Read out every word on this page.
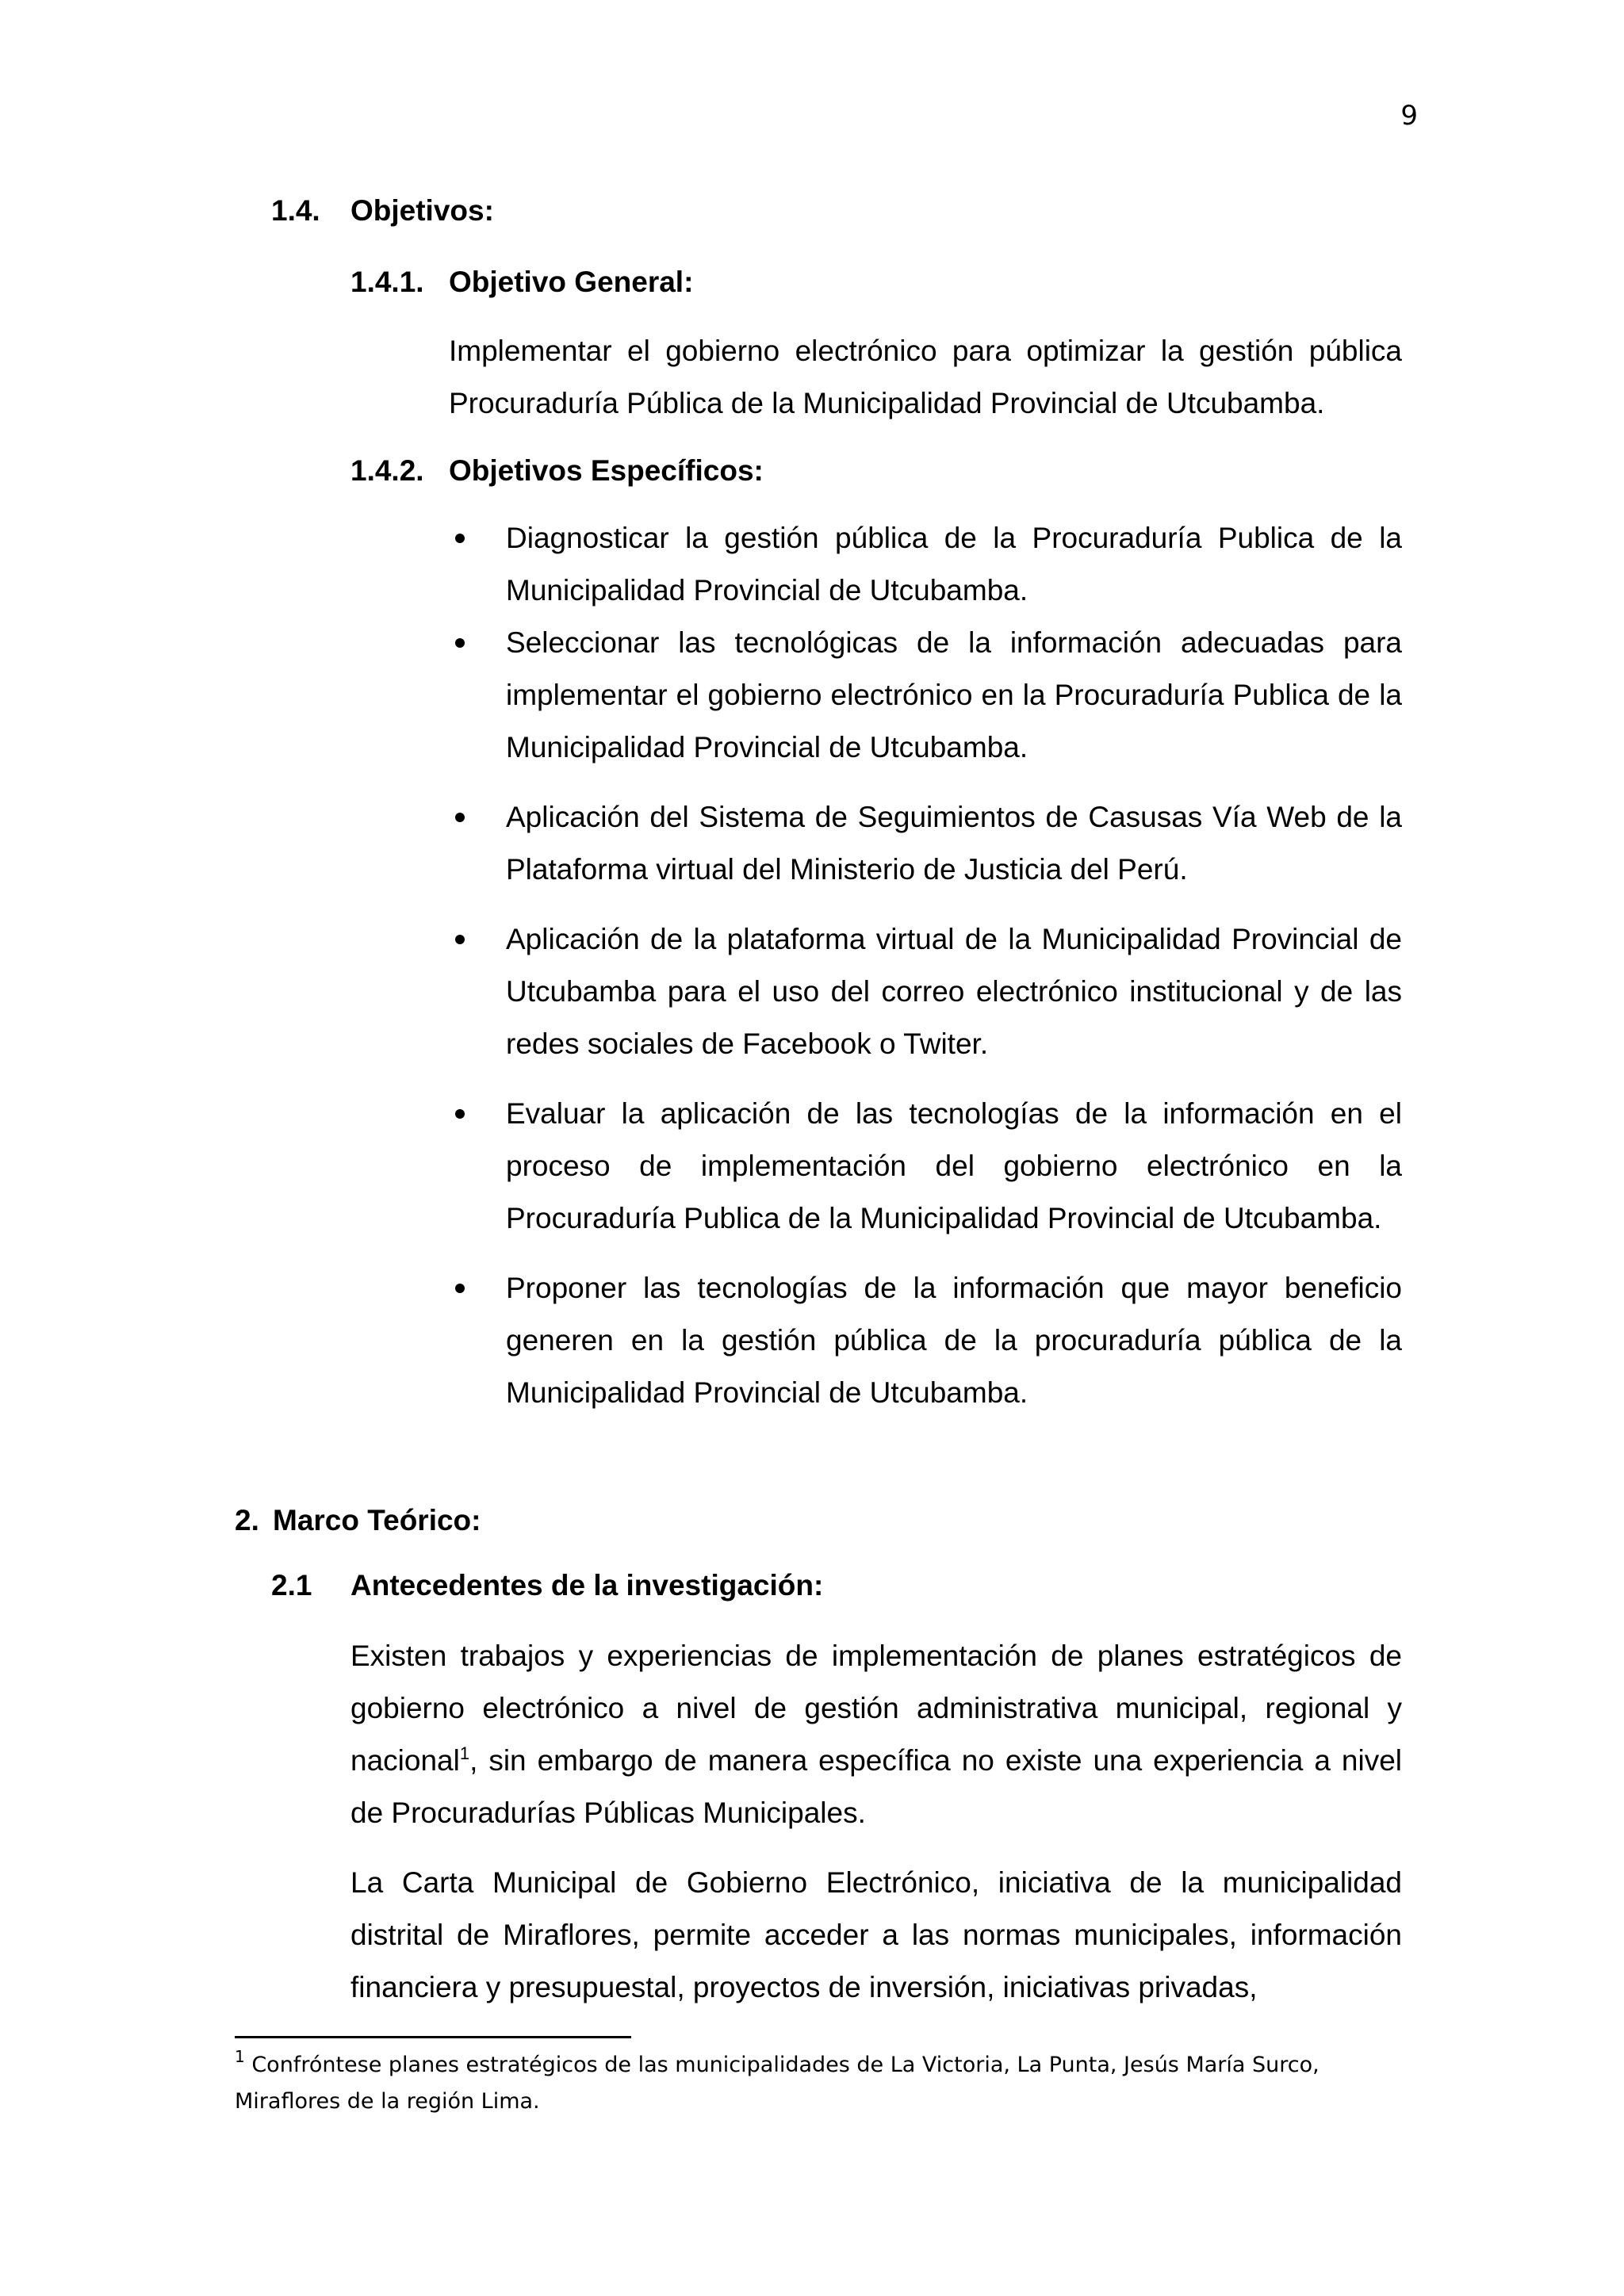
9
1.4. Objetivos:
1.4.1. Objetivo General:
Implementar el gobierno electrónico para optimizar la gestión pública Procuraduría Pública de la Municipalidad Provincial de Utcubamba.
1.4.2. Objetivos Específicos:
Diagnosticar la gestión pública de la Procuraduría Publica de la Municipalidad Provincial de Utcubamba.
Seleccionar las tecnológicas de la información adecuadas para implementar el gobierno electrónico en la Procuraduría Publica de la Municipalidad Provincial de Utcubamba.
Aplicación del Sistema de Seguimientos de Casusas Vía Web de la Plataforma virtual del Ministerio de Justicia del Perú.
Aplicación de la plataforma virtual de la Municipalidad Provincial de Utcubamba para el uso del correo electrónico institucional y de las redes sociales de Facebook o Twiter.
Evaluar la aplicación de las tecnologías de la información en el proceso de implementación del gobierno electrónico en la Procuraduría Publica de la Municipalidad Provincial de Utcubamba.
Proponer las tecnologías de la información que mayor beneficio generen en la gestión pública de la procuraduría pública de la Municipalidad Provincial de Utcubamba.
2. Marco Teórico:
2.1 Antecedentes de la investigación:
Existen trabajos y experiencias de implementación de planes estratégicos de gobierno electrónico a nivel de gestión administrativa municipal, regional y nacional$^1$, sin embargo de manera específica no existe una experiencia a nivel de Procuradurías Públicas Municipales.
La Carta Municipal de Gobierno Electrónico, iniciativa de la municipalidad distrital de Miraflores, permite acceder a las normas municipales, información financiera y presupuestal, proyectos de inversión, iniciativas privadas,
$^1$ Confróntese planes estratégicos de las municipalidades de La Victoria, La Punta, Jesús María Surco, Miraflores de la región Lima.
